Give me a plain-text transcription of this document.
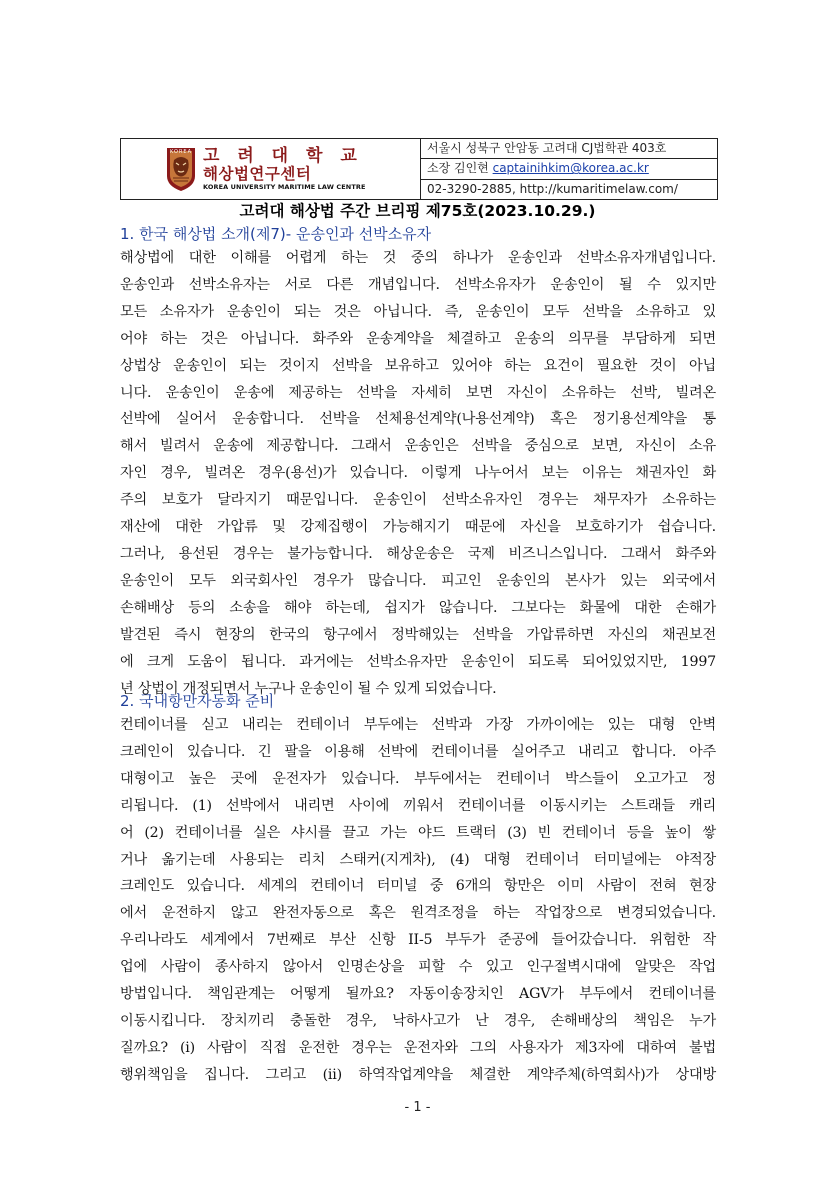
KOREA 고 려 대 학 교
해상법연구센터
KOREA UNIVERSITY MARITIME LAW CENTRE
서울시 성북구 안암동 고려대 CJ법학관 403호
소장 김인현 captainihkim@korea.ac.kr
02-3290-2885, http://kumaritimelaw.com/
고려대 해상법 주간 브리핑 제75호(2023.10.29.)
1. 한국 해상법 소개(제7)- 운송인과 선박소유자
해상법에 대한 이해를 어렵게 하는 것 중의 하나가 운송인과 선박소유자개념입니다.
운송인과 선박소유자는 서로 다른 개념입니다. 선박소유자가 운송인이 될 수 있지만
모든 소유자가 운송인이 되는 것은 아닙니다. 즉, 운송인이 모두 선박을 소유하고 있
어야 하는 것은 아닙니다. 화주와 운송계약을 체결하고 운송의 의무를 부담하게 되면
상법상 운송인이 되는 것이지 선박을 보유하고 있어야 하는 요건이 필요한 것이 아닙
니다. 운송인이 운송에 제공하는 선박을 자세히 보면 자신이 소유하는 선박, 빌려온
선박에 실어서 운송합니다. 선박을 선체용선계약(나용선계약) 혹은 정기용선계약을 통
해서 빌려서 운송에 제공합니다. 그래서 운송인은 선박을 중심으로 보면, 자신이 소유
자인 경우, 빌려온 경우(용선)가 있습니다. 이렇게 나누어서 보는 이유는 채권자인 화
주의 보호가 달라지기 때문입니다. 운송인이 선박소유자인 경우는 채무자가 소유하는
재산에 대한 가압류 및 강제집행이 가능해지기 때문에 자신을 보호하기가 쉽습니다.
그러나, 용선된 경우는 불가능합니다. 해상운송은 국제 비즈니스입니다. 그래서 화주와
운송인이 모두 외국회사인 경우가 많습니다. 피고인 운송인의 본사가 있는 외국에서
손해배상 등의 소송을 해야 하는데, 쉽지가 않습니다. 그보다는 화물에 대한 손해가
발견된 즉시 현장의 한국의 항구에서 정박해있는 선박을 가압류하면 자신의 채권보전
에 크게 도움이 됩니다. 과거에는 선박소유자만 운송인이 되도록 되어있었지만, 1997
년 상법이 개정되면서 누구나 운송인이 될 수 있게 되었습니다.
2. 국내항만자동화 준비
컨테이너를 싣고 내리는 컨테이너 부두에는 선박과 가장 가까이에는 있는 대형 안벽
크레인이 있습니다. 긴 팔을 이용해 선박에 컨테이너를 실어주고 내리고 합니다. 아주
대형이고 높은 곳에 운전자가 있습니다. 부두에서는 컨테이너 박스들이 오고가고 정
리됩니다. (1) 선박에서 내리면 사이에 끼워서 컨테이너를 이동시키는 스트래들 캐리
어 (2) 컨테이너를 실은 샤시를 끌고 가는 야드 트랙터 (3) 빈 컨테이너 등을 높이 쌓
거나 옮기는데 사용되는 리치 스태커(지게차), (4) 대형 컨테이너 터미널에는 야적장
크레인도 있습니다. 세계의 컨테이너 터미널 중 6개의 항만은 이미 사람이 전혀 현장
에서 운전하지 않고 완전자동으로 혹은 원격조정을 하는 작업장으로 변경되었습니다.
우리나라도 세계에서 7번째로 부산 신항 II-5 부두가 준공에 들어갔습니다. 위험한 작
업에 사람이 종사하지 않아서 인명손상을 피할 수 있고 인구절벽시대에 알맞은 작업
방법입니다. 책임관계는 어떻게 될까요? 자동이송장치인 AGV가 부두에서 컨테이너를
이동시킵니다. 장치끼리 충돌한 경우, 낙하사고가 난 경우, 손해배상의 책임은 누가
질까요? (i) 사람이 직접 운전한 경우는 운전자와 그의 사용자가 제3자에 대하여 불법
행위책임을 집니다. 그리고 (ii) 하역작업계약을 체결한 계약주체(하역회사)가 상대방
- 1 -
